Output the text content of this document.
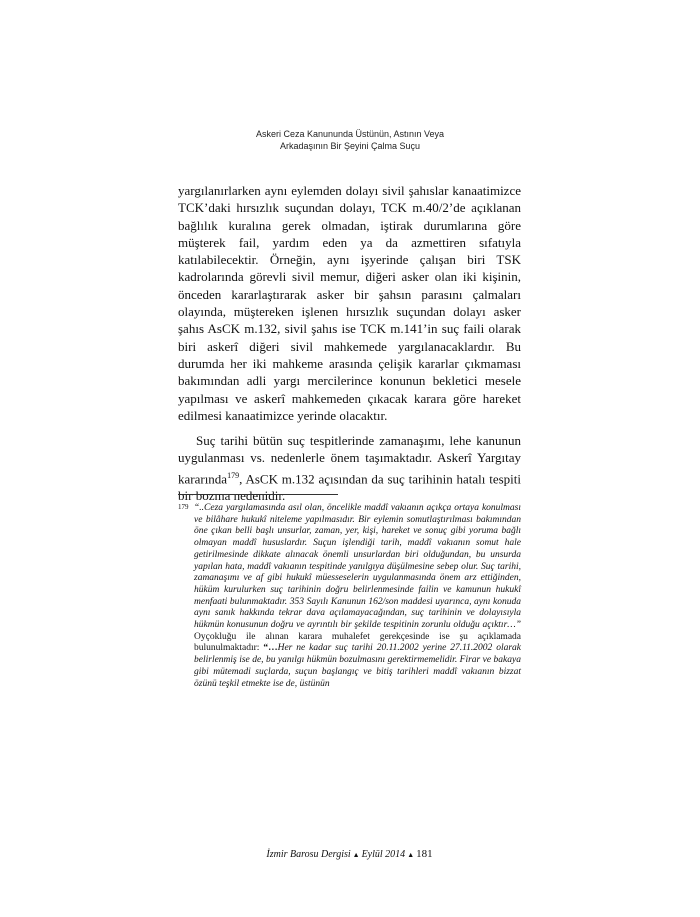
Askeri Ceza Kanununda Üstünün, Astının Veya
Arkadaşının Bir Şeyini Çalma Suçu

yargılanırlarken aynı eylemden dolayı sivil şahıslar kanaatimizce TCK’daki hırsızlık suçundan dolayı, TCK m.40/2’de açıklanan bağlılık kuralına gerek olmadan, iştirak durumlarına göre müşterek fail, yardım eden ya da azmettiren sıfatıyla katılabilecektir. Örneğin, aynı işyerinde çalışan biri TSK kadrolarında görevli sivil memur, diğeri asker olan iki kişinin, önceden kararlaştırarak asker bir şahsın parasını çalmaları olayında, müştereken işlenen hırsızlık suçundan dolayı asker şahıs AsCK m.132, sivil şahıs ise TCK m.141’in suç faili olarak biri askerî diğeri sivil mahkemede yargılanacaklardır. Bu durumda her iki mahkeme arasında çelişik kararlar çıkmaması bakımından adli yargı mercilerince konunun bekletici mesele yapılması ve askerî mahkemeden çıkacak karara göre hareket edilmesi kanaatimizce yerinde olacaktır.

Suç tarihi bütün suç tespitlerinde zamanaşımı, lehe kanunun uygulanması vs. nedenlerle önem taşımaktadır. Askerî Yargıtay kararında$^{179}$, AsCK m.132 açısından da suç tarihinin hatalı tespiti bir bozma nedenidir.

179 “..Ceza yargılamasında asıl olan, öncelikle maddî vakıanın açıkça ortaya konulması ve bilâhare hukukî niteleme yapılmasıdır. Bir eylemin somutlaştırılması bakımından öne çıkan belli başlı unsurlar, zaman, yer, kişi, hareket ve sonuç gibi yoruma bağlı olmayan maddî hususlardır. Suçun işlendiği tarih, maddî vakıanın somut hale getirilmesinde dikkate alınacak önemli unsurlardan biri olduğundan, bu unsurda yapılan hata, maddî vakıanın tespitinde yanılgıya düşülmesine sebep olur. Suç tarihi, zamanaşımı ve af gibi hukukî müesseselerin uygulanmasında önem arz ettiğinden, hüküm kurulurken suç tarihinin doğru belirlenmesinde failin ve kamunun hukukî menfaati bulunmaktadır. 353 Sayılı Kanunun 162/son maddesi uyarınca, aynı konuda aynı sanık hakkında tekrar dava açılamayacağından, suç tarihinin ve dolayısıyla hükmün konusunun doğru ve ayrıntılı bir şekilde tespitinin zorunlu olduğu açıktır…” Oyçokluğu ile alınan karara muhalefet gerekçesinde ise şu açıklamada bulunulmaktadır: “…Her ne kadar suç tarihi 20.11.2002 yerine 27.11.2002 olarak belirlenmiş ise de, bu yanılgı hükmün bozulmasını gerektirmemelidir. Firar ve bakaya gibi mütemadi suçlarda, suçun başlangıç ve bitiş tarihleri maddî vakıanın bizzat özünü teşkil etmekte ise de, üstünün
İzmir Barosu Dergisi ▲ Eylül 2014 ▲ 181
